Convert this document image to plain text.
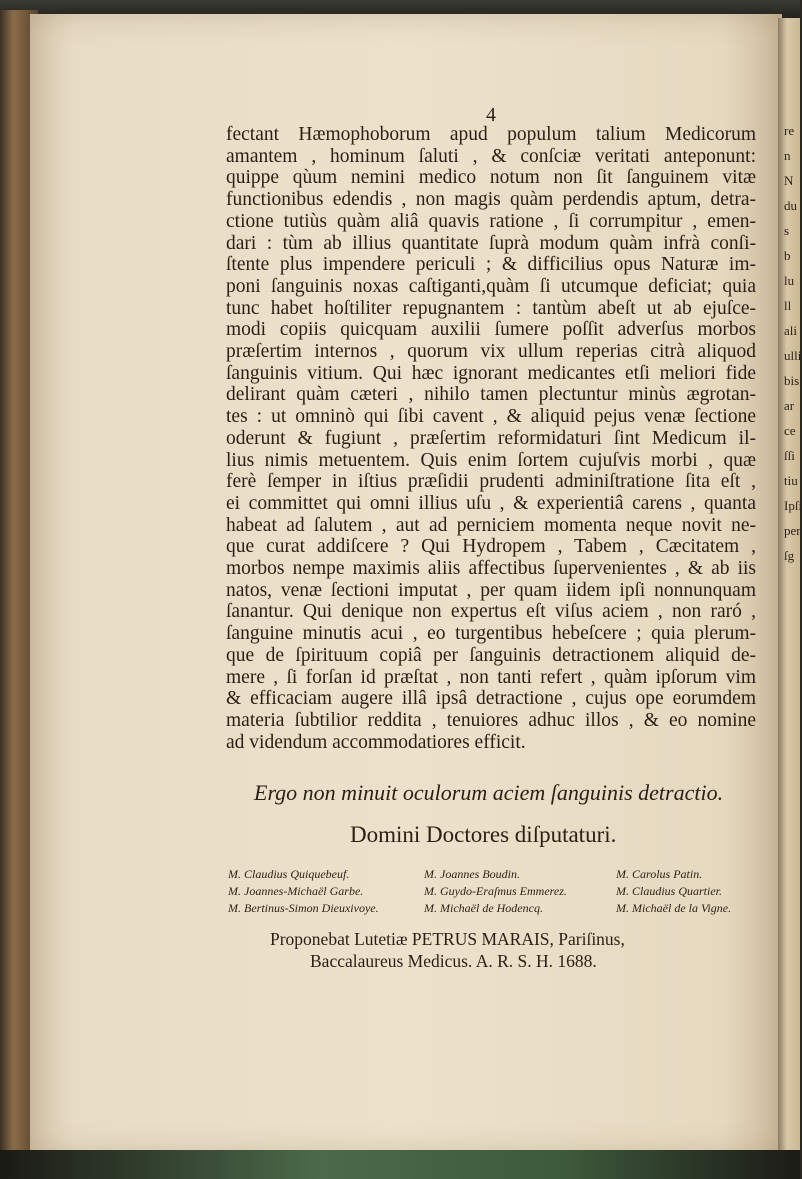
re
n
N
du
s
b
lu
ll
ali
ulli
bis
ar
ce
ſſi
tiu
Ipſi
per
ſg
4
fectant Hæmophoborum apud populum talium Medicorum
amantem , hominum ſaluti , & conſciæ veritati anteponunt:
quippe qùum nemini medico notum non ſit ſanguinem vitæ
functionibus edendis , non magis quàm perdendis aptum, detra-
ctione tutiùs quàm aliâ quavis ratione , ſi corrumpitur , emen-
dari : tùm ab illius quantitate ſuprà modum quàm infrà conſi-
ſtente plus impendere periculi ; & difficilius opus Naturæ im-
poni ſanguinis noxas caſtiganti,quàm ſi utcumque deficiat; quia
tunc habet hoſtiliter repugnantem : tantùm abeſt ut ab ejuſce-
modi copiis quicquam auxilii ſumere poſſit adverſus morbos
præſertim internos , quorum vix ullum reperias citrà aliquod
ſanguinis vitium. Qui hæc ignorant medicantes etſi meliori fide
delirant quàm cæteri , nihilo tamen plectuntur minùs ægrotan-
tes : ut omninò qui ſibi cavent , & aliquid pejus venæ ſectione
oderunt & fugiunt , præſertim reformidaturi ſint Medicum il-
lius nimis metuentem. Quis enim ſortem cujuſvis morbi , quæ
ferè ſemper in iſtius præſidii prudenti adminiſtratione ſita eſt ,
ei committet qui omni illius uſu , & experientiâ carens , quanta
habeat ad ſalutem , aut ad perniciem momenta neque novit ne-
que curat addiſcere ? Qui Hydropem , Tabem , Cæcitatem ,
morbos nempe maximis aliis affectibus ſupervenientes , & ab iis
natos, venæ ſectioni imputat , per quam iidem ipſi nonnunquam
ſanantur. Qui denique non expertus eſt viſus aciem , non raró ,
ſanguine minutis acui , eo turgentibus hebeſcere ; quia plerum-
que de ſpirituum copiâ per ſanguinis detractionem aliquid de-
mere , ſi forſan id præſtat , non tanti refert , quàm ipſorum vim
& efficaciam augere illâ ipsâ detractione , cujus ope eorumdem
materia ſubtilior reddita , tenuiores adhuc illos , & eo nomine
ad videndum accommodatiores efficit.
Ergo non minuit oculorum aciem ſanguinis detractio.
Domini Doctores diſputaturi.
M. Claudius Quiquebeuf.	M. Joannes Boudin.	M. Carolus Patin.
M. Joannes-Michaël Garbe.	M. Guydo-Eraſmus Emmerez.	M. Claudius Quartier.
M. Bertinus-Simon Dieuxivoye.	M. Michaël de Hodencq.	M. Michaël de la Vigne.
Proponebat Lutetiæ PETRUS MARAIS, Pariſinus,
Baccalaureus Medicus. A. R. S. H. 1688.
